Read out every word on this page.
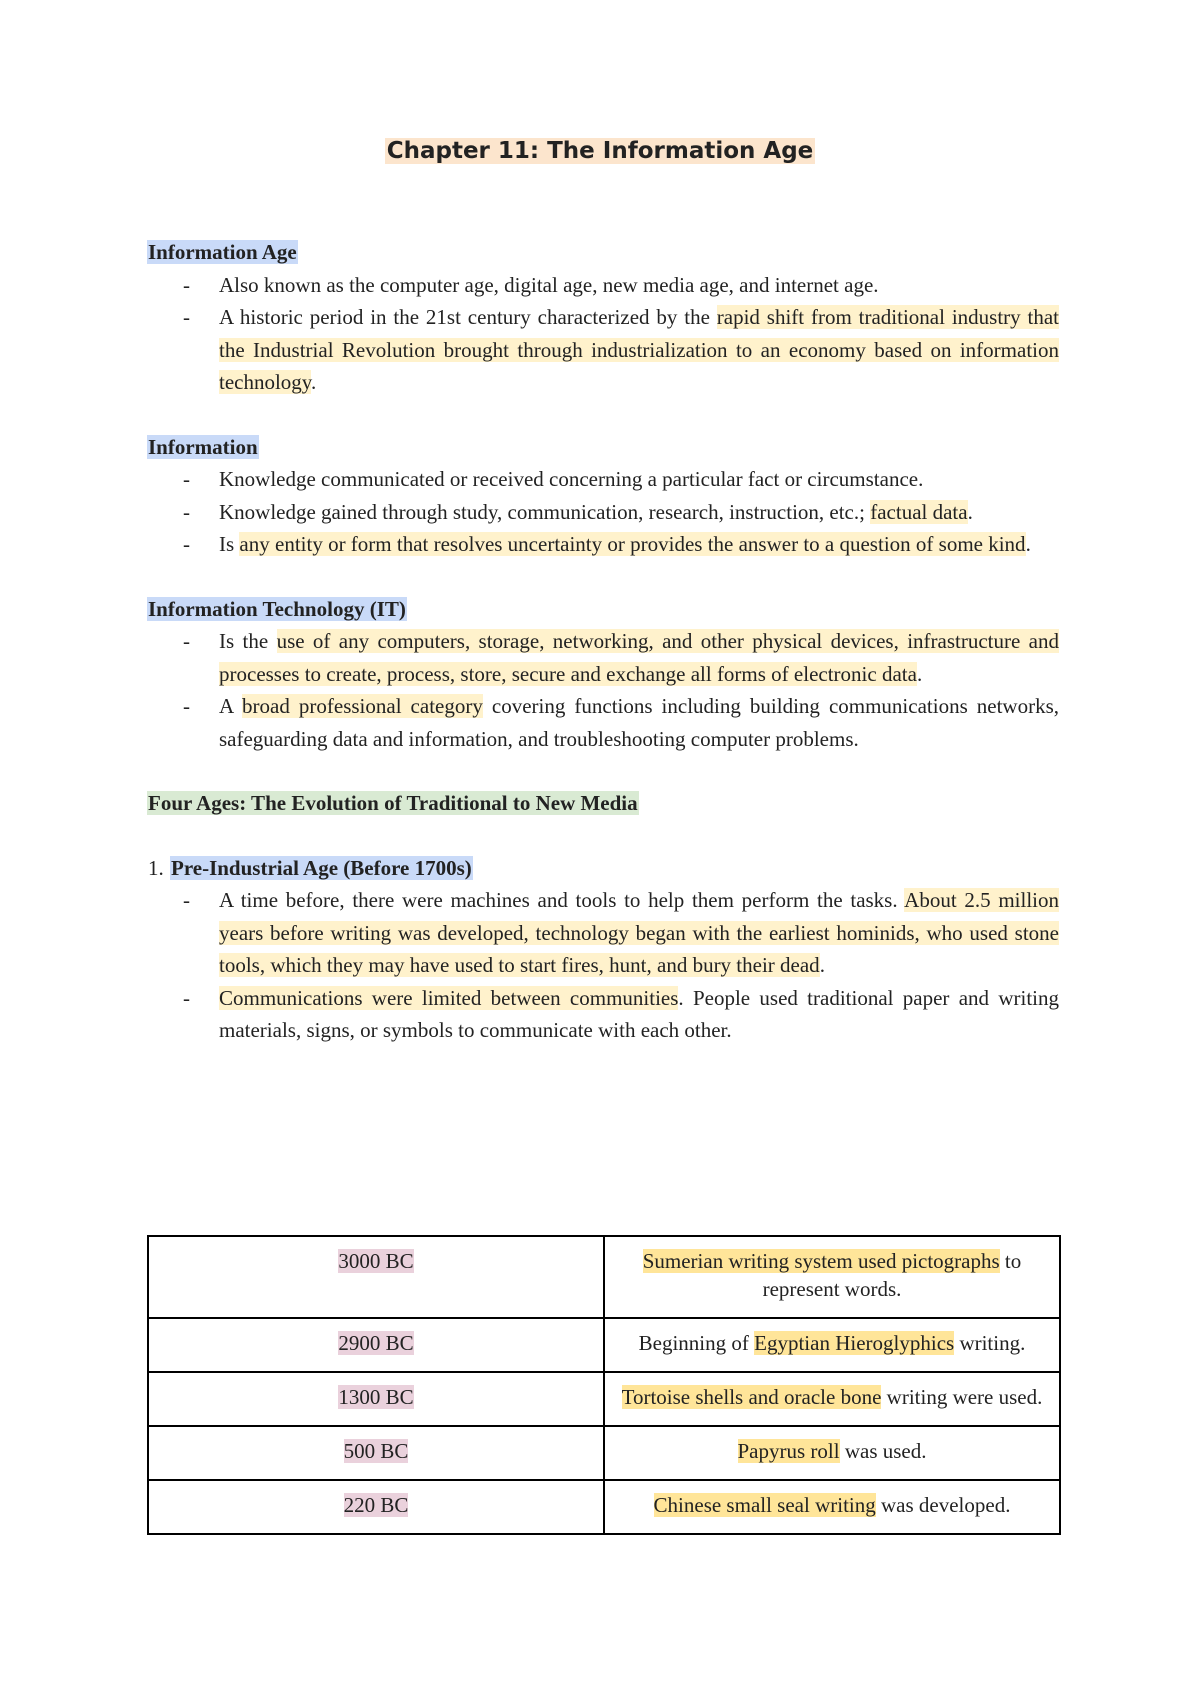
Chapter 11: The Information Age

Information Age

- Also known as the computer age, digital age, new media age, and internet age.
- A historic period in the 21st century characterized by the rapid shift from traditional industry that the Industrial Revolution brought through industrialization to an economy based on information technology.

Information

- Knowledge communicated or received concerning a particular fact or circumstance.
- Knowledge gained through study, communication, research, instruction, etc.; factual data.
- Is any entity or form that resolves uncertainty or provides the answer to a question of some kind.

Information Technology (IT)

- Is the use of any computers, storage, networking, and other physical devices, infrastructure and processes to create, process, store, secure and exchange all forms of electronic data.
- A broad professional category covering functions including building communications networks, safeguarding data and information, and troubleshooting computer problems.

Four Ages: The Evolution of Traditional to New Media

1. Pre-Industrial Age (Before 1700s)

- A time before, there were machines and tools to help them perform the tasks. About 2.5 million years before writing was developed, technology began with the earliest hominids, who used stone tools, which they may have used to start fires, hunt, and bury their dead.
- Communications were limited between communities. People used traditional paper and writing materials, signs, or symbols to communicate with each other.
3000 BC	Sumerian writing system used pictographs to represent words.
2900 BC	Beginning of Egyptian Hieroglyphics writing.
1300 BC	Tortoise shells and oracle bone writing were used.
500 BC	Papyrus roll was used.
220 BC	Chinese small seal writing was developed.
